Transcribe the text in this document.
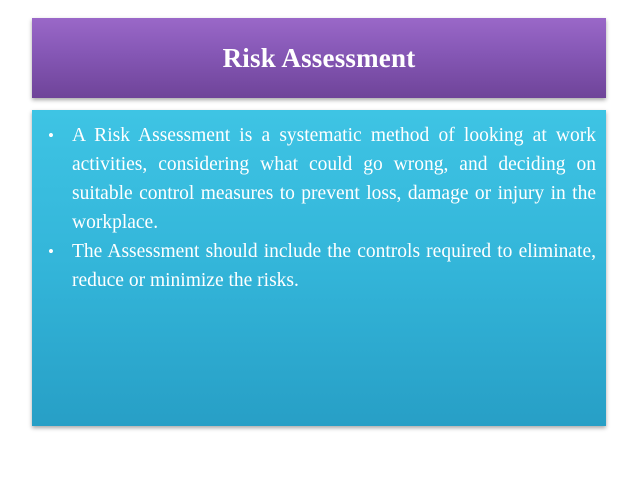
Risk Assessment
• A Risk Assessment is a systematic method of looking at work activities, considering what could go wrong, and deciding on suitable control measures to prevent loss, damage or injury in the workplace.
• The Assessment should include the controls required to eliminate, reduce or minimize the risks.
